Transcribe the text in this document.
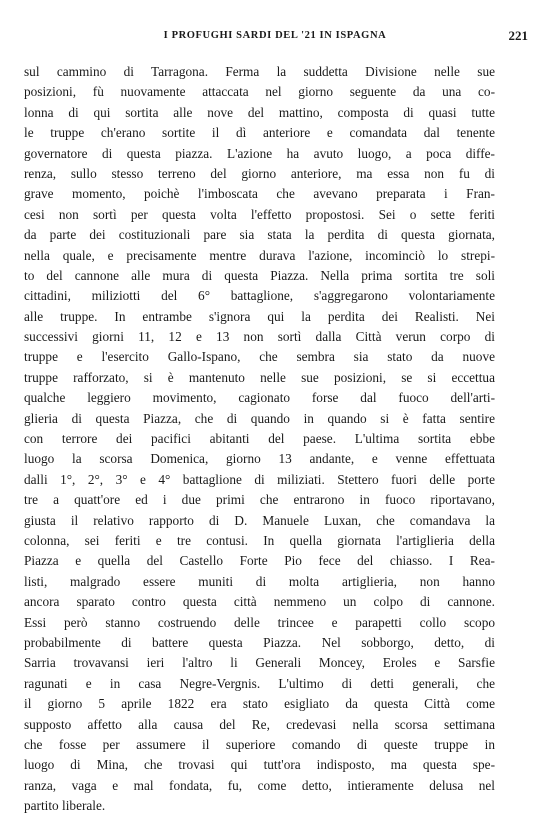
I PROFUGHI SARDI DEL '21 IN ISPAGNA	221
sul cammino di Tarragona. Ferma la suddetta Divisione nelle sue
posizioni, fù nuovamente attaccata nel giorno seguente da una co-
lonna di qui sortita alle nove del mattino, composta di quasi tutte
le truppe ch'erano sortite il dì anteriore e comandata dal tenente
governatore di questa piazza. L'azione ha avuto luogo, a poca diffe-
renza, sullo stesso terreno del giorno anteriore, ma essa non fu di
grave momento, poichè l'imboscata che avevano preparata i Fran-
cesi non sortì per questa volta l'effetto propostosi. Sei o sette feriti
da parte dei costituzionali pare sia stata la perdita di questa giornata,
nella quale, e precisamente mentre durava l'azione, incominciò lo strepi-
to del cannone alle mura di questa Piazza. Nella prima sortita tre soli
cittadini, miliziotti del 6° battaglione, s'aggregarono volontariamente
alle truppe. In entrambe s'ignora qui la perdita dei Realisti. Nei
successivi giorni 11, 12 e 13 non sortì dalla Città verun corpo di
truppe e l'esercito Gallo-Ispano, che sembra sia stato da nuove
truppe rafforzato, si è mantenuto nelle sue posizioni, se si eccettua
qualche leggiero movimento, cagionato forse dal fuoco dell'arti-
glieria di questa Piazza, che di quando in quando si è fatta sentire
con terrore dei pacifici abitanti del paese. L'ultima sortita ebbe
luogo la scorsa Domenica, giorno 13 andante, e venne effettuata
dalli 1°, 2°, 3° e 4° battaglione di miliziati. Stettero fuori delle porte
tre a quatt'ore ed i due primi che entrarono in fuoco riportavano,
giusta il relativo rapporto di D. Manuele Luxan, che comandava la
colonna, sei feriti e tre contusi. In quella giornata l'artiglieria della
Piazza e quella del Castello Forte Pio fece del chiasso. I Rea-
listi, malgrado essere muniti di molta artiglieria, non hanno
ancora sparato contro questa città nemmeno un colpo di cannone.
Essi però stanno costruendo delle trincee e parapetti collo scopo
probabilmente di battere questa Piazza. Nel sobborgo, detto, di
Sarria trovavansi ieri l'altro li Generali Moncey, Eroles e Sarsfie
ragunati e in casa Negre-Vergnis. L'ultimo di detti generali, che
il giorno 5 aprile 1822 era stato esigliato da questa Città come
supposto affetto alla causa del Re, credevasi nella scorsa settimana
che fosse per assumere il superiore comando di queste truppe in
luogo di Mina, che trovasi qui tutt'ora indisposto, ma questa spe-
ranza, vaga e mal fondata, fu, come detto, intieramente delusa nel
partito liberale.
